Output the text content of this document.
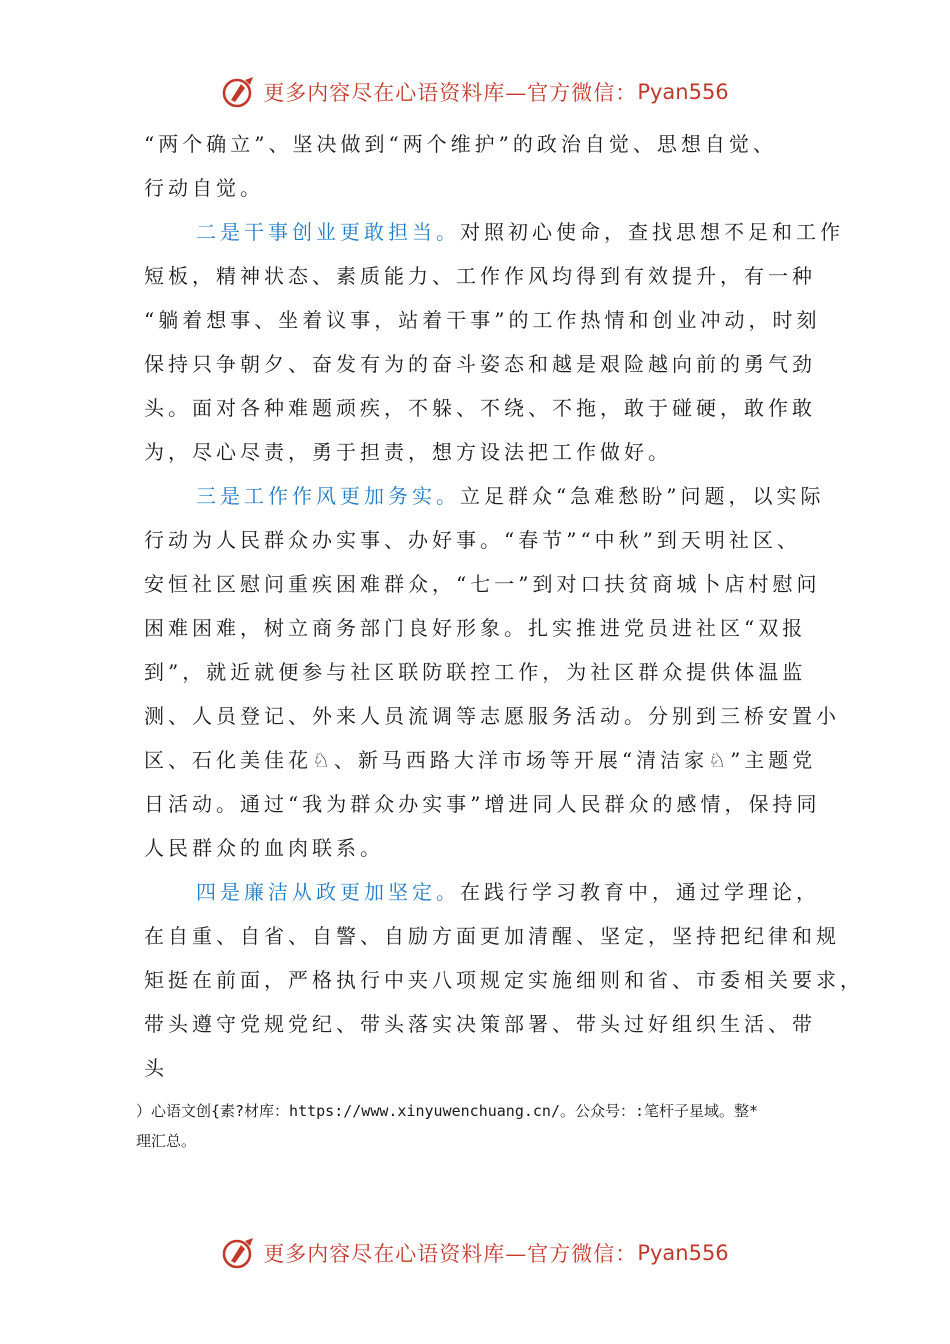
更多内容尽在心语资料库—官方微信： Pyan556
“两个确立”、坚决做到“两个维护”的政治自觉、思想自觉、
行动自觉。
二是干事创业更敢担当。对照初心使命，查找思想不足和工作
短板，精神状态、素质能力、工作作风均得到有效提升，有一种
“躺着想事、坐着议事，站着干事”的工作热情和创业冲动，时刻
保持只争朝夕、奋发有为的奋斗姿态和越是艰险越向前的勇气劲
头。面对各种难题顽疾，不躲、不绕、不拖，敢于碰硬，敢作敢
为，尽心尽责，勇于担责，想方设法把工作做好。
三是工作作风更加务实。立足群众“急难愁盼”问题，以实际
行动为人民群众办实事、办好事。“春节”“中秋”到天明社区、
安恒社区慰问重疾困难群众，“七一”到对口扶贫商城卜店村慰问
困难困难，树立商务部门良好形象。扎实推进党员进社区“双报
到”，就近就便参与社区联防联控工作，为社区群众提供体温监
测、人员登记、外来人员流调等志愿服务活动。分别到三桥安置小
区、石化美佳花♘、新马西路大洋市场等开展“清洁家♘”主题党
日活动。通过“我为群众办实事”增进同人民群众的感情，保持同
人民群众的血肉联系。
四是廉洁从政更加坚定。在践行学习教育中，通过学理论，
在自重、自省、自警、自励方面更加清醒、坚定，坚持把纪律和规
矩挺在前面，严格执行中夹八项规定实施细则和省、市委相关要求，
带头遵守党规党纪、带头落实决策部署、带头过好组织生活、带
头
）心语文创{素?材库：https://www.xinyuwenchuang.cn/。公众号：:笔杆子星域。整*
理汇总。
更多内容尽在心语资料库—官方微信： Pyan556
